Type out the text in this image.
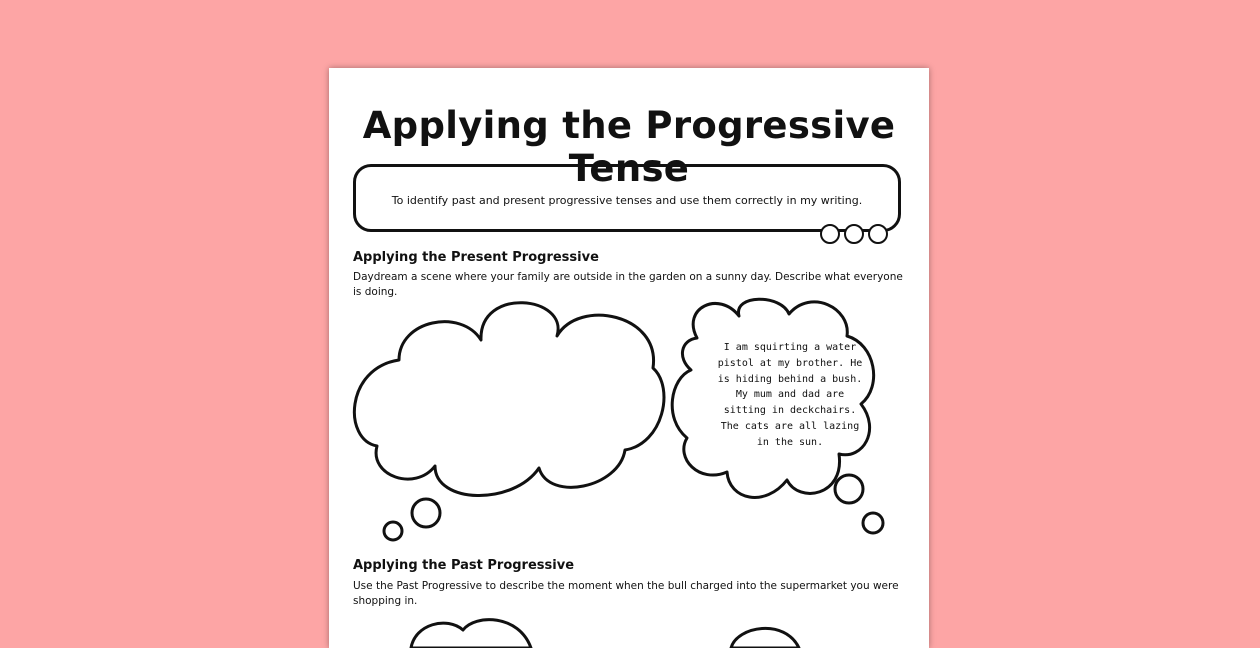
Applying the Progressive Tense
To identify past and present progressive tenses and use them correctly in my writing.
Applying the Present Progressive
Daydream a scene where your family are outside in the garden on a sunny day. Describe what everyone
is doing.
I am squirting a water pistol at my brother. He is hiding behind a bush. My mum and dad are sitting in deckchairs. The cats are all lazing in the sun.
Applying the Past Progressive
Use the Past Progressive to describe the moment when the bull charged into the supermarket you were
shopping in.
